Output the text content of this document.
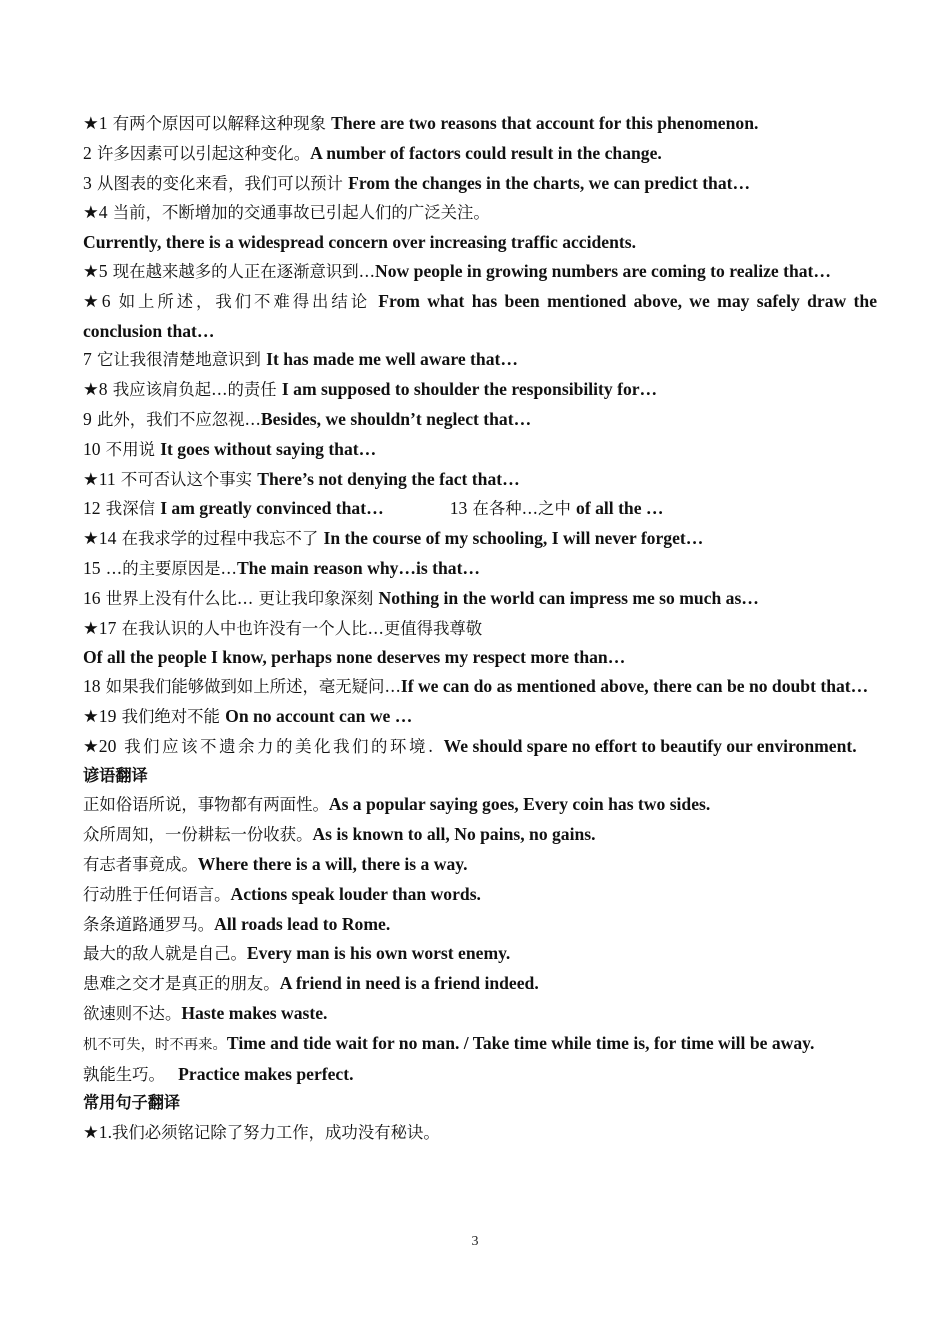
★1 有两个原因可以解释这种现象 There are two reasons that account for this phenomenon.
2 许多因素可以引起这种变化。A number of factors could result in the change.
3 从图表的变化来看，我们可以预计 From the changes in the charts, we can predict that…
★4 当前，不断增加的交通事故已引起人们的广泛关注。
Currently, there is a widespread concern over increasing traffic accidents.
★5 现在越来越多的人正在逐渐意识到…Now people in growing numbers are coming to realize that…
★6 如上所述，我们不难得出结论 From what has been mentioned above, we may safely draw the conclusion that…
7 它让我很清楚地意识到 It has made me well aware that…
★8 我应该肩负起…的责任 I am supposed to shoulder the responsibility for…
9 此外，我们不应忽视…Besides, we shouldn’t neglect that…
10 不用说 It goes without saying that…
★11 不可否认这个事实 There’s not denying the fact that…
12 我深信 I am greatly convinced that…	13 在各种…之中 of all the …
★14 在我求学的过程中我忘不了 In the course of my schooling, I will never forget…
15 …的主要原因是…The main reason why…is that…
16 世界上没有什么比… 更让我印象深刻 Nothing in the world can impress me so much as…
★17 在我认识的人中也许没有一个人比…更值得我尊敬
Of all the people I know, perhaps none deserves my respect more than…
18 如果我们能够做到如上所述，毫无疑问…If we can do as mentioned above, there can be no doubt that…
★19 我们绝对不能 On no account can we …
★20 我们应该不遗余力的美化我们的环境. We should spare no effort to beautify our environment.
谚语翻译
正如俗语所说，事物都有两面性。As a popular saying goes, Every coin has two sides.
众所周知，一份耕耘一份收获。As is known to all, No pains, no gains.
有志者事竟成。Where there is a will, there is a way.
行动胜于任何语言。Actions speak louder than words.
条条道路通罗马。All roads lead to Rome.
最大的敌人就是自己。Every man is his own worst enemy.
患难之交才是真正的朋友。A friend in need is a friend indeed.
欲速则不达。Haste makes waste.
机不可失，时不再来。Time and tide wait for no man. / Take time while time is, for time will be away.
孰能生巧。   Practice makes perfect.
常用句子翻译
★1.我们必须铭记除了努力工作，成功没有秘诀。
3
